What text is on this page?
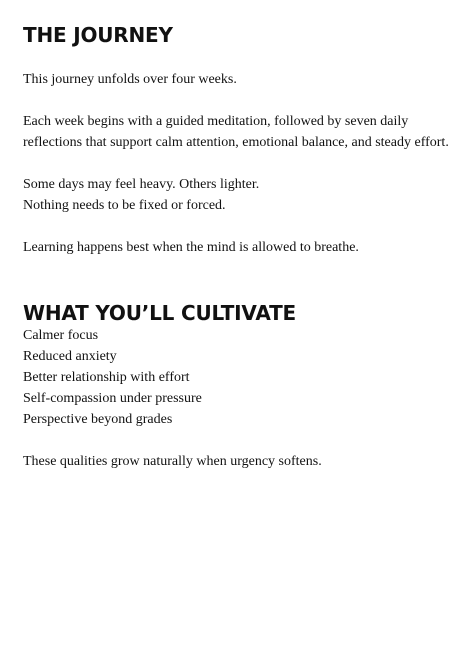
THE JOURNEY

This journey unfolds over four weeks.

Each week begins with a guided meditation, followed by seven daily
reflections that support calm attention, emotional balance, and steady effort.

Some days may feel heavy. Others lighter.
Nothing needs to be fixed or forced.

Learning happens best when the mind is allowed to breathe.

WHAT YOU’LL CULTIVATE
Calmer focus
Reduced anxiety
Better relationship with effort
Self-compassion under pressure
Perspective beyond grades

These qualities grow naturally when urgency softens.
